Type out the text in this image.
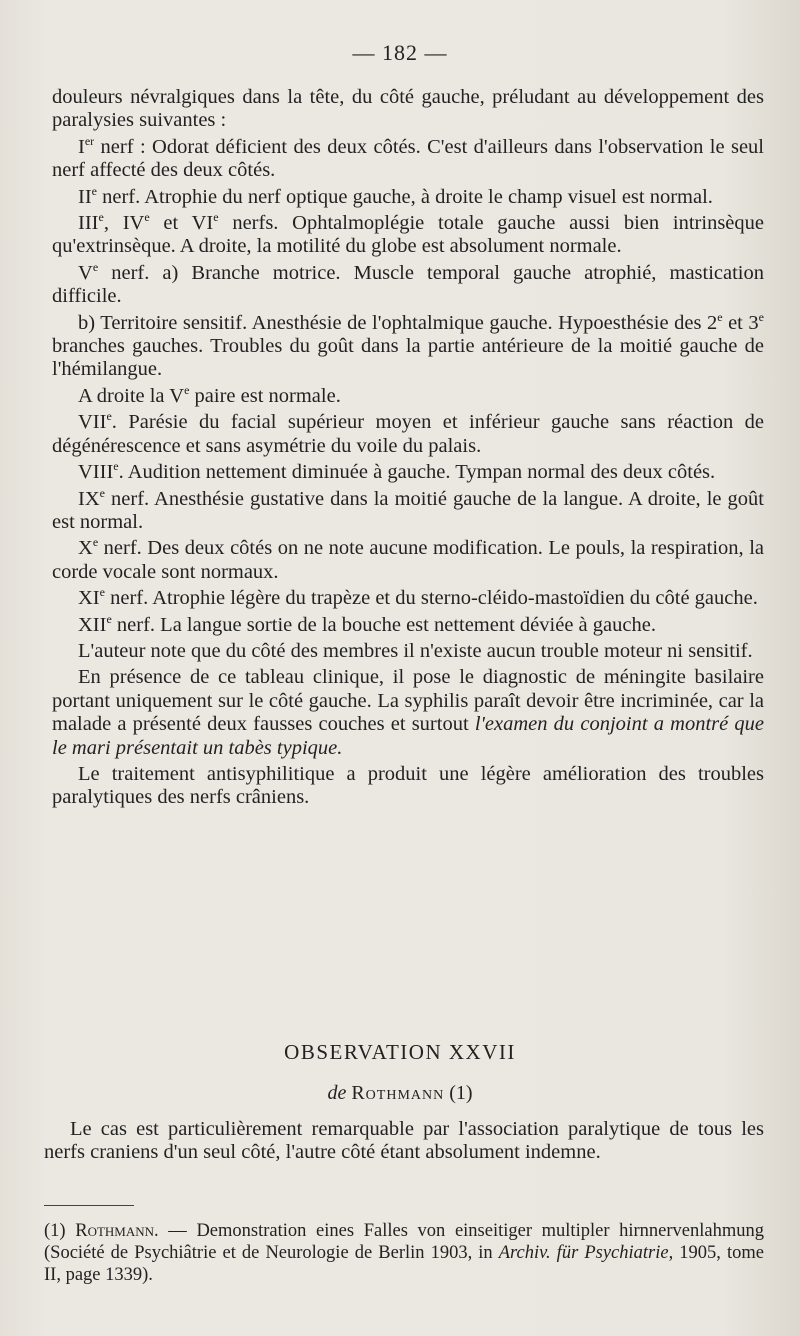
— 182 —

douleurs névralgiques dans la tête, du côté gauche, préludant au développement des paralysies suivantes :

Ier nerf : Odorat déficient des deux côtés. C'est d'ailleurs dans l'observation le seul nerf affecté des deux côtés.

IIe nerf. Atrophie du nerf optique gauche, à droite le champ visuel est normal.

IIIe, IVe et VIe nerfs. Ophtalmoplégie totale gauche aussi bien intrinsèque qu'extrinsèque. A droite, la motilité du globe est absolument normale.

Ve nerf. a) Branche motrice. Muscle temporal gauche atrophié, mastication difficile.

b) Territoire sensitif. Anesthésie de l'ophtalmique gauche. Hypoesthésie des 2e et 3e branches gauches. Troubles du goût dans la partie antérieure de la moitié gauche de l'hémilangue.

A droite la Ve paire est normale.

VIIe. Parésie du facial supérieur moyen et inférieur gauche sans réaction de dégénérescence et sans asymétrie du voile du palais.

VIIIe. Audition nettement diminuée à gauche. Tympan normal des deux côtés.

IXe nerf. Anesthésie gustative dans la moitié gauche de la langue. A droite, le goût est normal.

Xe nerf. Des deux côtés on ne note aucune modification. Le pouls, la respiration, la corde vocale sont normaux.

XIe nerf. Atrophie légère du trapèze et du sterno-cléido-mastoïdien du côté gauche.

XIIe nerf. La langue sortie de la bouche est nettement déviée à gauche.

L'auteur note que du côté des membres il n'existe aucun trouble moteur ni sensitif.

En présence de ce tableau clinique, il pose le diagnostic de méningite basilaire portant uniquement sur le côté gauche. La syphilis paraît devoir être incriminée, car la malade a présenté deux fausses couches et surtout l'examen du conjoint a montré que le mari présentait un tabès typique.

Le traitement antisyphilitique a produit une légère amélioration des troubles paralytiques des nerfs crâniens.

OBSERVATION XXVII
de Rothmann (1)

Le cas est particulièrement remarquable par l'association paralytique de tous les nerfs craniens d'un seul côté, l'autre côté étant absolument indemne.

(1) Rothmann. — Demonstration eines Falles von einseitiger multipler hirnnervenlahmung (Société de Psychiâtrie et de Neurologie de Berlin 1903, in Archiv. für Psychiatrie, 1905, tome II, page 1339).
